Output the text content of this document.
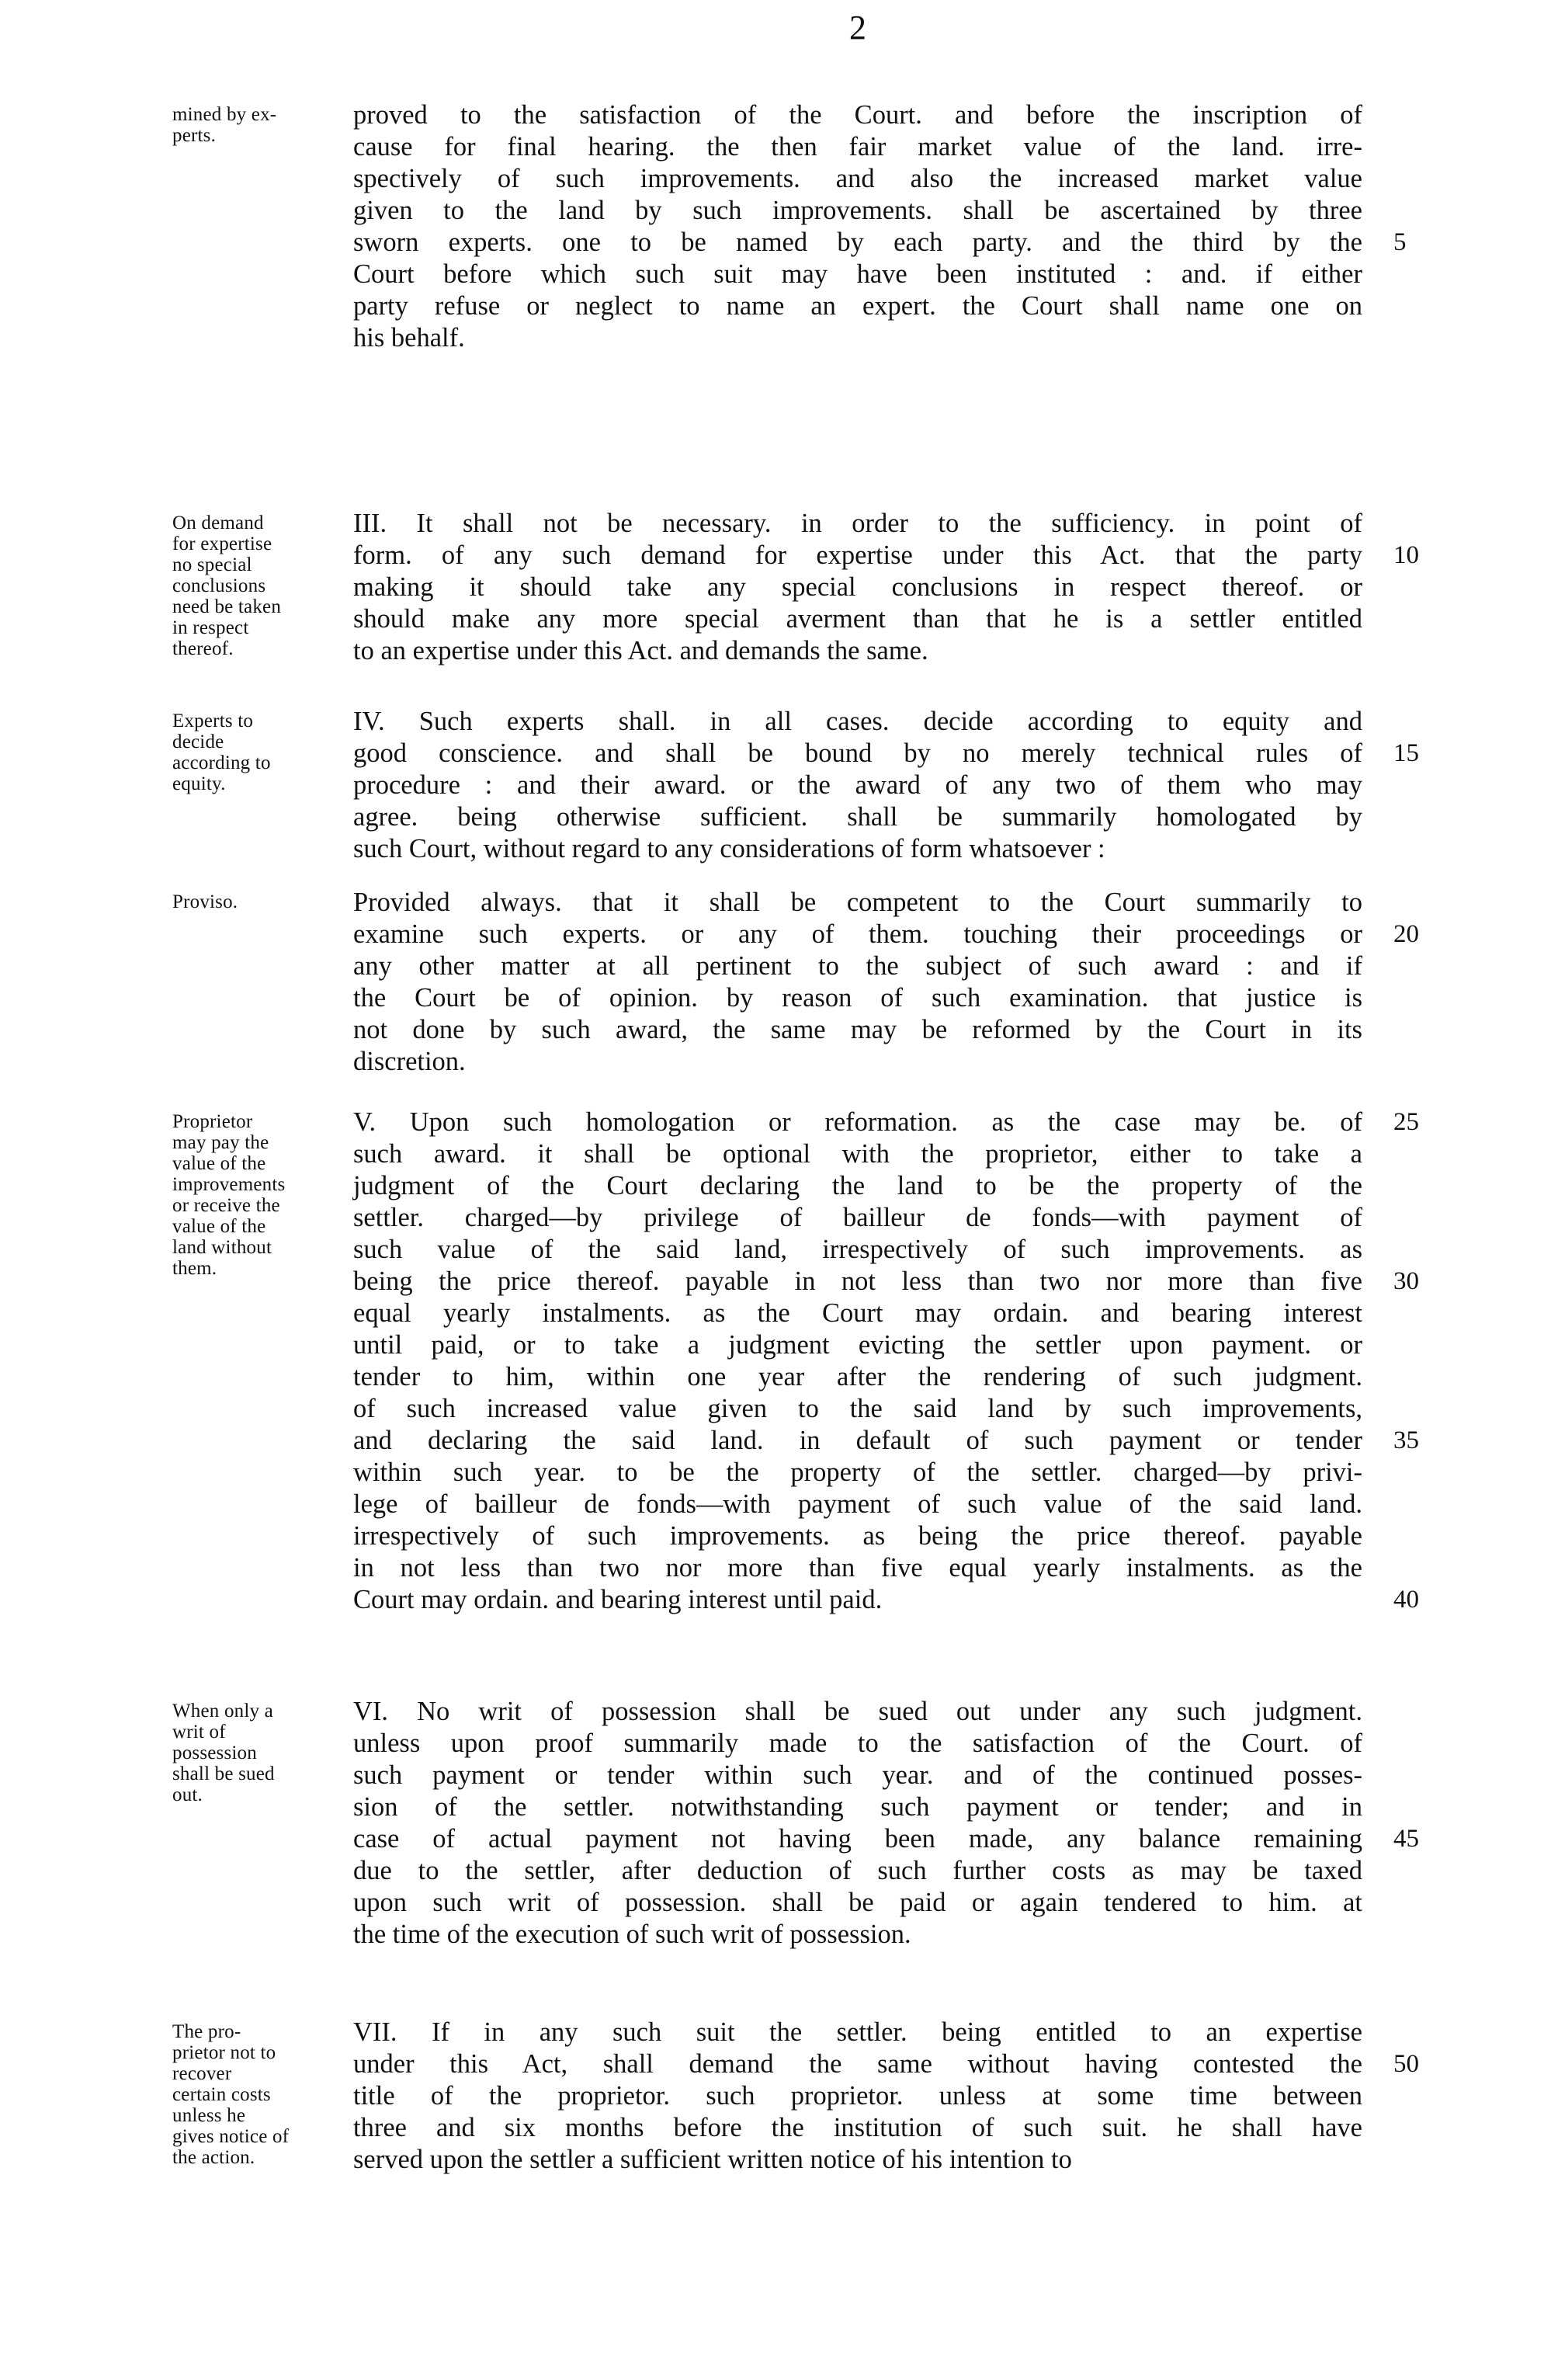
2
mined by ex-
perts.
5
proved to the satisfaction of the Court. and before the inscription of
cause for final hearing. the then fair market value of the land. irre-
spectively of such improvements. and also the increased market value
given to the land by such improvements. shall be ascertained by three
sworn experts. one to be named by each party. and the third by the
Court before which such suit may have been instituted : and. if either
party refuse or neglect to name an expert. the Court shall name one on
his behalf.
On demand
for expertise
no special
conclusions
need be taken
in respect
thereof.
10
III. It shall not be necessary. in order to the sufficiency. in point of
form. of any such demand for expertise under this Act. that the party
making it should take any special conclusions in respect thereof. or
should make any more special averment than that he is a settler entitled
to an expertise under this Act. and demands the same.
Experts to
decide
according to
equity.
15
IV. Such experts shall. in all cases. decide according to equity and
good conscience. and shall be bound by no merely technical rules of
procedure : and their award. or the award of any two of them who may
agree. being otherwise sufficient. shall be summarily homologated by
such Court, without regard to any considerations of form whatsoever :
Proviso.
20
Provided always. that it shall be competent to the Court summarily to
examine such experts. or any of them. touching their proceedings or
any other matter at all pertinent to the subject of such award : and if
the Court be of opinion. by reason of such examination. that justice is
not done by such award, the same may be reformed by the Court in its
discretion.
Proprietor
may pay the
value of the
improvements
or receive the
value of the
land without
them.
25
30
35
40
V. Upon such homologation or reformation. as the case may be. of
such award. it shall be optional with the proprietor, either to take a
judgment of the Court declaring the land to be the property of the
settler. charged—by privilege of bailleur de fonds—with payment of
such value of the said land, irrespectively of such improvements. as
being the price thereof. payable in not less than two nor more than five
equal yearly instalments. as the Court may ordain. and bearing interest
until paid, or to take a judgment evicting the settler upon payment. or
tender to him, within one year after the rendering of such judgment.
of such increased value given to the said land by such improvements,
and declaring the said land. in default of such payment or tender
within such year. to be the property of the settler. charged—by privi-
lege of bailleur de fonds—with payment of such value of the said land.
irrespectively of such improvements. as being the price thereof. payable
in not less than two nor more than five equal yearly instalments. as the
Court may ordain. and bearing interest until paid.
When only a
writ of
possession
shall be sued
out.
45
VI. No writ of possession shall be sued out under any such judgment.
unless upon proof summarily made to the satisfaction of the Court. of
such payment or tender within such year. and of the continued posses-
sion of the settler. notwithstanding such payment or tender; and in
case of actual payment not having been made, any balance remaining
due to the settler, after deduction of such further costs as may be taxed
upon such writ of possession. shall be paid or again tendered to him. at
the time of the execution of such writ of possession.
The pro-
prietor not to
recover
certain costs
unless he
gives notice of
the action.
50
VII. If in any such suit the settler. being entitled to an expertise
under this Act, shall demand the same without having contested the
title of the proprietor. such proprietor. unless at some time between
three and six months before the institution of such suit. he shall have
served upon the settler a sufficient written notice of his intention to
